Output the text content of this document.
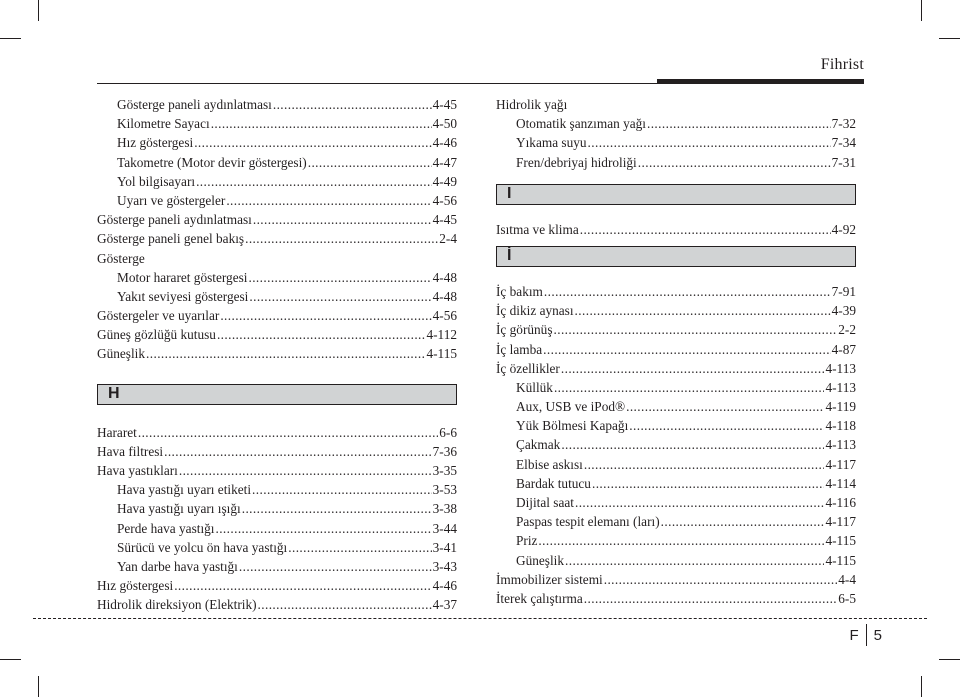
Fihrist
Gösterge paneli aydınlatması .....	4-45
Kilometre Sayacı .....	4-50
Hız göstergesi .....	4-46
Takometre (Motor devir göstergesi) .....	4-47
Yol bilgisayarı .....	4-49
Uyarı ve göstergeler .....	4-56
Gösterge paneli aydınlatması .....	4-45
Gösterge paneli genel bakış .....	2-4
Gösterge
Motor hararet göstergesi .....	4-48
Yakıt seviyesi göstergesi .....	4-48
Göstergeler ve uyarılar .....	4-56
Güneş gözlüğü kutusu .....	4-112
Güneşlik .....	4-115
H
Hararet .....	6-6
Hava filtresi .....	7-36
Hava yastıkları .....	3-35
Hava yastığı uyarı etiketi .....	3-53
Hava yastığı uyarı ışığı .....	3-38
Perde hava yastığı .....	3-44
Sürücü ve yolcu ön hava yastığı .....	3-41
Yan darbe hava yastığı .....	3-43
Hız göstergesi .....	4-46
Hidrolik direksiyon (Elektrik) .....	4-37
Hidrolik yağı
Otomatik şanzıman yağı .....	7-32
Yıkama suyu .....	7-34
Fren/debriyaj hidroliği .....	7-31
I
Isıtma ve klima .....	4-92
İ
İç bakım .....	7-91
İç dikiz aynası .....	4-39
İç görünüş .....	2-2
İç lamba .....	4-87
İç özellikler .....	4-113
Küllük .....	4-113
Aux, USB ve iPod® .....	4-119
Yük Bölmesi Kapağı .....	4-118
Çakmak .....	4-113
Elbise askısı .....	4-117
Bardak tutucu .....	4-114
Dijital saat .....	4-116
Paspas tespit elemanı (ları) .....	4-117
Priz .....	4-115
Güneşlik .....	4-115
İmmobilizer sistemi .....	4-4
İterek çalıştırma .....	6-5
F 5
